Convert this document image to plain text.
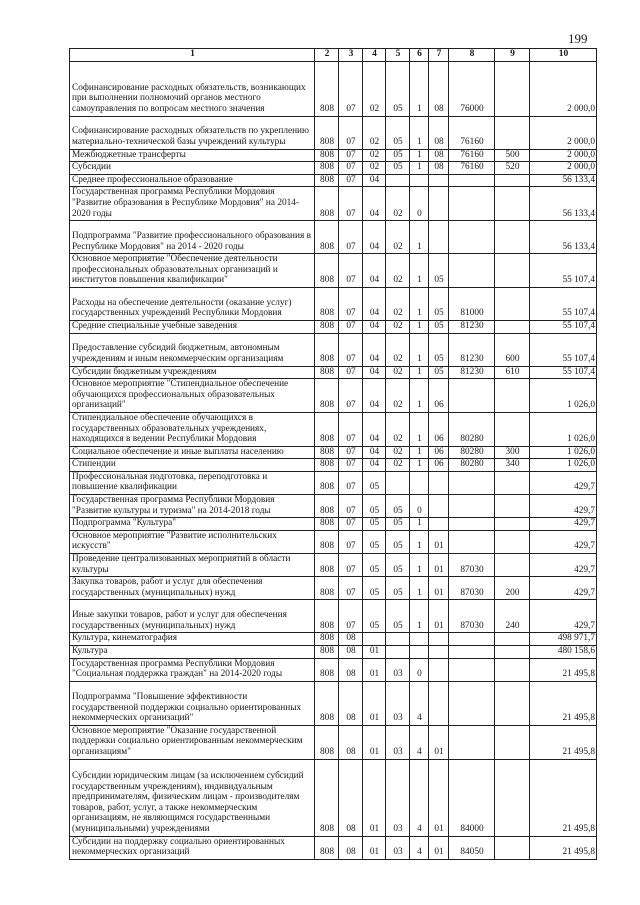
199
1	2	3	4	5	6	7	8	9	10
Софинансирование расходных обязательств, возникающих при выполнении полномочий органов местного самоуправления по вопросам местного значения	808	07	02	05	1	08	76000		2 000,0
Софинансирование расходных обязательств по укреплению материально-технической базы учреждений культуры	808	07	02	05	1	08	76160		2 000,0
Межбюджетные трансферты	808	07	02	05	1	08	76160	500	2 000,0
Субсидии	808	07	02	05	1	08	76160	520	2 000,0
Среднее профессиональное образование	808	07	04						56 133,4
Государственная программа Республики Мордовия "Развитие образования в Республике Мордовия" на 2014-2020 годы	808	07	04	02	0				56 133,4
Подпрограмма "Развитие профессионального образования в Республике Мордовия" на 2014 - 2020 годы	808	07	04	02	1				56 133,4
Основное мероприятие "Обеспечение деятельности профессиональных образовательных организаций и институтов повышения квалификации"	808	07	04	02	1	05			55 107,4
Расходы на обеспечение деятельности (оказание услуг) государственных учреждений Республики Мордовия	808	07	04	02	1	05	81000		55 107,4
Средние специальные учебные заведения	808	07	04	02	1	05	81230		55 107,4
Предоставление субсидий бюджетным, автономным учреждениям и иным некоммерческим организациям	808	07	04	02	1	05	81230	600	55 107,4
Субсидии бюджетным учреждениям	808	07	04	02	1	05	81230	610	55 107,4
Основное мероприятие "Стипендиальное обеспечение обучающихся профессиональных образовательных организаций"	808	07	04	02	1	06			1 026,0
Стипендиальное обеспечение обучающихся в государственных образовательных учреждениях, находящихся в ведении Республики Мордовия	808	07	04	02	1	06	80280		1 026,0
Социальное обеспечение и иные выплаты населению	808	07	04	02	1	06	80280	300	1 026,0
Стипендии	808	07	04	02	1	06	80280	340	1 026,0
Профессиональная подготовка, переподготовка и повышение квалификации	808	07	05						429,7
Государственная программа Республики Мордовия "Развитие культуры и туризма" на 2014-2018 годы	808	07	05	05	0				429,7
Подпрограмма "Культура"	808	07	05	05	1				429,7
Основное мероприятие "Развитие исполнительских искусств"	808	07	05	05	1	01			429,7
Проведение централизованных мероприятий в области культуры	808	07	05	05	1	01	87030		429,7
Закупка товаров, работ и услуг для обеспечения государственных (муниципальных) нужд	808	07	05	05	1	01	87030	200	429,7
Иные закупки товаров, работ и услуг для обеспечения государственных (муниципальных) нужд	808	07	05	05	1	01	87030	240	429,7
Культура, кинематография	808	08							498 971,7
Культура	808	08	01						480 158,6
Государственная программа Республики Мордовия "Социальная поддержка граждан" на 2014-2020 годы	808	08	01	03	0				21 495,8
Подпрограмма "Повышение эффективности государственной поддержки социально ориентированных некоммерческих организаций"	808	08	01	03	4				21 495,8
Основное мероприятие "Оказание государственной поддержки социально ориентированным некоммерческим организациям"	808	08	01	03	4	01			21 495,8
Субсидии юридическим лицам (за исключением субсидий государственным учреждениям), индивидуальным предпринимателям, физическим лицам - производителям товаров, работ, услуг, а также некоммерческим организациям, не являющимся государственными (муниципальными) учреждениями	808	08	01	03	4	01	84000		21 495,8
Субсидии на поддержку социально ориентированных некоммерческих организаций	808	08	01	03	4	01	84050		21 495,8
